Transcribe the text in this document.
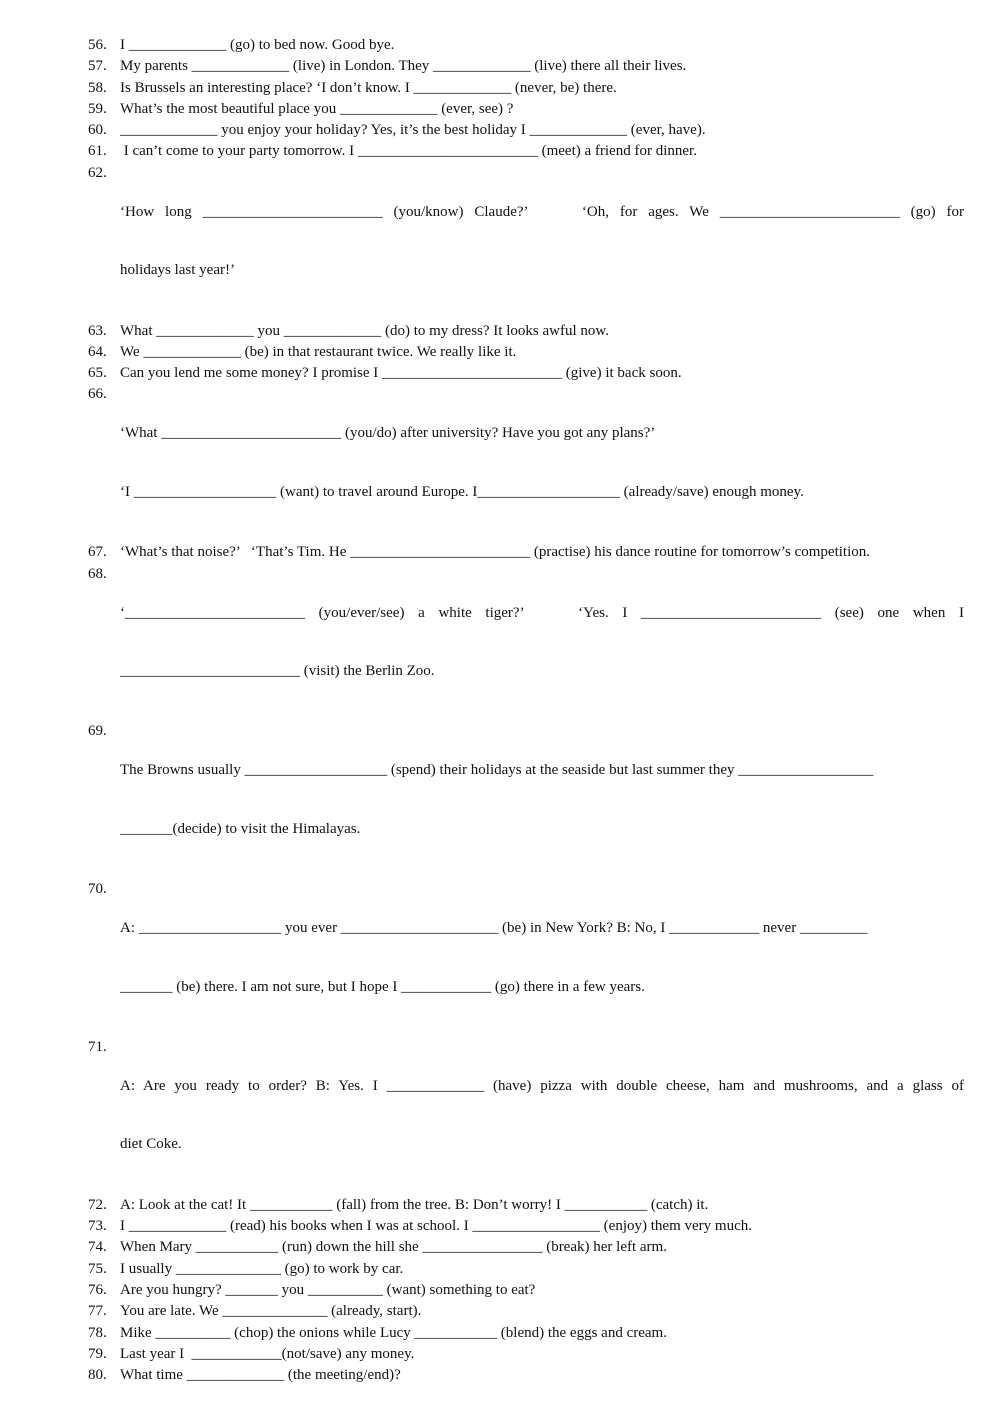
56. I _____________ (go) to bed now. Good bye.
57. My parents _____________ (live) in London. They _____________ (live) there all their lives.
58. Is Brussels an interesting place? ‘I don’t know. I _____________ (never, be) there.
59. What’s the most beautiful place you _____________ (ever, see) ?
60. _____________ you enjoy your holiday? Yes, it’s the best holiday I _____________ (ever, have).
61. I can’t come to your party tomorrow. I ________________________ (meet) a friend for dinner.
62.

‘How long ________________________ (you/know) Claude?’     ‘Oh, for ages. We ________________________ (go) for

holidays last year!’

63. What _____________ you _____________ (do) to my dress? It looks awful now.
64. We _____________ (be) in that restaurant twice. We really like it.
65. Can you lend me some money? I promise I ________________________ (give) it back soon.
66.

‘What ________________________ (you/do) after university? Have you got any plans?’

‘I ___________________ (want) to travel around Europe. I___________________ (already/save) enough money.

67. ‘What’s that noise?’   ‘That’s Tim. He ________________________ (practise) his dance routine for tomorrow’s competition.
68.

‘________________________ (you/ever/see) a white tiger?’    ‘Yes. I ________________________ (see) one when I

________________________ (visit) the Berlin Zoo.

69.

The Browns usually ___________________ (spend) their holidays at the seaside but last summer they __________________

_______(decide) to visit the Himalayas.

70.

A: ___________________ you ever _____________________ (be) in New York? B: No, I ____________ never _________

_______ (be) there. I am not sure, but I hope I ____________ (go) there in a few years.

71.

A: Are you ready to order? B: Yes. I _____________ (have) pizza with double cheese, ham and mushrooms, and a glass of

diet Coke.

72. A: Look at the cat! It ___________ (fall) from the tree. B: Don’t worry! I ___________ (catch) it.
73. I _____________ (read) his books when I was at school. I _________________ (enjoy) them very much.
74. When Mary ___________ (run) down the hill she ________________ (break) her left arm.
75. I usually ______________ (go) to work by car.
76. Are you hungry? _______ you __________ (want) something to eat?
77. You are late. We ______________ (already, start).
78. Mike __________ (chop) the onions while Lucy ___________ (blend) the eggs and cream.
79. Last year I  ____________(not/save) any money.
80. What time _____________ (the meeting/end)?
